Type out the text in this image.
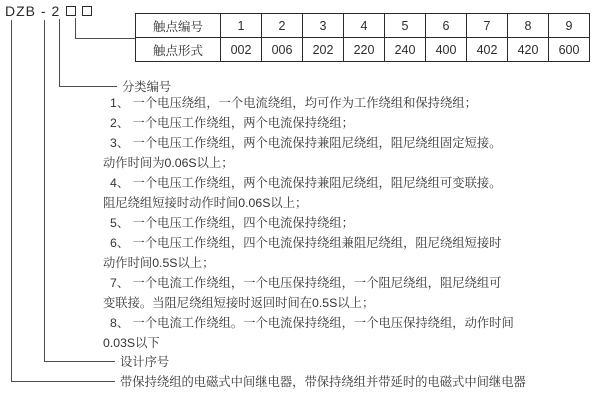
DZB - 2
触点编号	1	2	3	4	5	6	7	8	9
触点形式	002	006	202	220	240	400	402	420	600
分类编号
1、 一个电压绕组，一个电流绕组，均可作为工作绕组和保持绕组；
2、 一个电压工作绕组，两个电流保持绕组；
3、 一个电压工作绕组，两个电流保持兼阻尼绕组，阻尼绕组固定短接。
动作时间为0.06S以上；
4、 一个电压工作绕组，两个电流保持兼阻尼绕组，阻尼绕组可变联接。
阻尼绕组短接时动作时间0.06S以上；
5、 一个电压工作绕组，四个电流保持绕组；
6、 一个电压工作绕组，四个电流保持绕组兼阻尼绕组，阻尼绕组短接时
动作时间0.5S以上；
7、 一个电流工作绕组，一个电压保持绕组，一个阻尼绕组，阻尼绕组可
变联接。当阻尼绕组短接时返回时间在0.5S以上；
8、 一个电流工作绕组。一个电流保持绕组，一个电压保持绕组，动作时间
0.03S以下
设计序号
带保持绕组的电磁式中间继电器，带保持绕组并带延时的电磁式中间继电器
